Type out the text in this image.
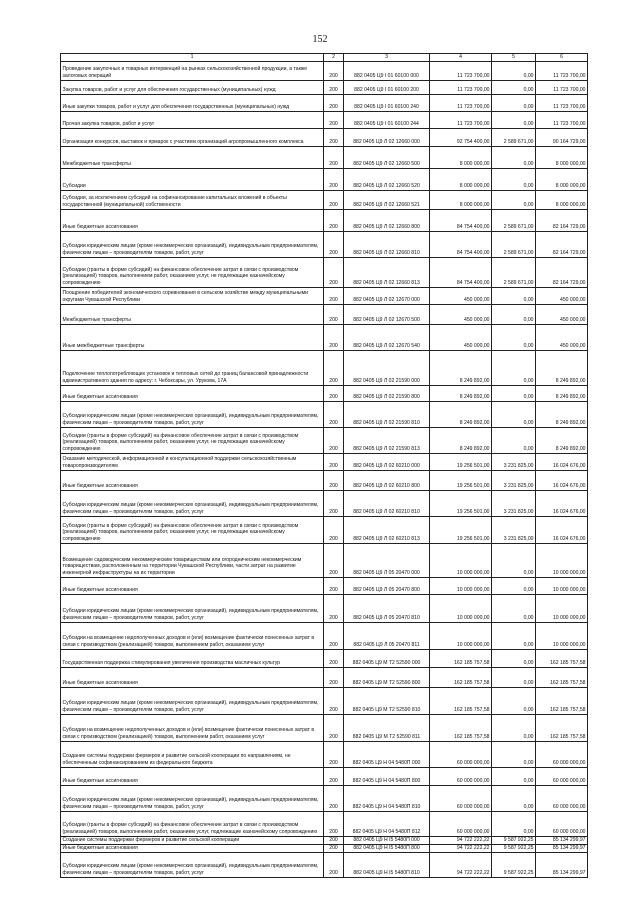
152
1	2	3	4	5	6
Проведение закупочных и товарных интервенций на рынках сельскохозяйственной продукции, а также залоговых операций	200	882 0405 Ц9 I 01 60100 000	11 723 700,00	0,00	11 723 700,00
Закупка товаров, работ и услуг для обеспечения государственных (муниципальных) нужд	200	882 0405 Ц9 I 01 60100 200	11 723 700,00	0,00	11 723 700,00
Иные закупки товаров, работ и услуг для обеспечения государственных (муниципальных) нужд	200	882 0405 Ц9 I 01 60100 240	11 723 700,00	0,00	11 723 700,00
Прочая закупка товаров, работ и услуг	200	882 0405 Ц9 I 01 60100 244	11 723 700,00	0,00	11 723 700,00
Организация конкурсов, выставок и ярмарок с участием организаций агропромышленного комплекса	200	882 0405 Ц9 Л 02 12660 000	92 754 400,00	2 589 671,00	90 164 729,00
Межбюджетные трансферты	200	882 0405 Ц9 Л 02 12660 500	8 000 000,00	0,00	8 000 000,00
Субсидии	200	882 0405 Ц9 Л 02 12660 520	8 000 000,00	0,00	8 000 000,00
Субсидии, за исключением субсидий на софинансирование капитальных вложений в объекты государственной (муниципальной) собственности	200	882 0405 Ц9 Л 02 12660 521	8 000 000,00	0,00	8 000 000,00
Иные бюджетные ассигнования	200	882 0405 Ц9 Л 02 12660 800	84 754 400,00	2 589 671,00	82 164 729,00
Субсидии юридическим лицам (кроме некоммерческих организаций), индивидуальным предпринимателям, физическим лицам – производителям товаров, работ, услуг	200	882 0405 Ц9 Л 02 12660 810	84 754 400,00	2 589 671,00	82 164 729,00
Субсидии (гранты в форме субсидий) на финансовое обеспечение затрат в связи с производством (реализацией) товаров, выполнением работ, оказанием услуг, не подлежащие казначейскому сопровождению	200	882 0405 Ц9 Л 02 12660 813	84 754 400,00	2 589 671,00	82 164 729,00
Поощрение победителей экономического соревнования в сельском хозяйстве между муниципальными округами Чувашской Республики	200	882 0405 Ц9 Л 02 12670 000	450 000,00	0,00	450 000,00
Межбюджетные трансферты	200	882 0405 Ц9 Л 02 12670 500	450 000,00	0,00	450 000,00
Иные межбюджетные трансферты	200	882 0405 Ц9 Л 02 12670 540	450 000,00	0,00	450 000,00
Подключение теплопотребляющих установок и тепловых сетей до границ балансовой принадлежности административного здания по адресу: г. Чебоксары, ул. Урукова, 17А	200	882 0405 Ц9 Л 02 21590 000	8 249 892,00	0,00	8 249 892,00
Иные бюджетные ассигнования	200	882 0405 Ц9 Л 02 21590 800	8 249 892,00	0,00	8 249 892,00
Субсидии юридическим лицам (кроме некоммерческих организаций), индивидуальным предпринимателям, физическим лицам – производителям товаров, работ, услуг	200	882 0405 Ц9 Л 02 21590 810	8 249 892,00	0,00	8 249 892,00
Субсидии (гранты в форме субсидий) на финансовое обеспечение затрат в связи с производством (реализацией) товаров, выполнением работ, оказанием услуг, не подлежащие казначейскому сопровождению	200	882 0405 Ц9 Л 02 21590 813	8 249 892,00	0,00	8 249 892,00
Оказание методической, информационной и консультационной поддержки сельскохозяйственным товаропроизводителям	200	882 0405 Ц9 Л 02 60210 000	19 256 501,00	3 231 825,00	16 024 676,00
Иные бюджетные ассигнования	200	882 0405 Ц9 Л 02 60210 800	19 256 501,00	3 231 825,00	16 024 676,00
Субсидии юридическим лицам (кроме некоммерческих организаций), индивидуальным предпринимателям, физическим лицам – производителям товаров, работ, услуг	200	882 0405 Ц9 Л 02 60210 810	19 256 501,00	3 231 825,00	16 024 676,00
Субсидии (гранты в форме субсидий) на финансовое обеспечение затрат в связи с производством (реализацией) товаров, выполнением работ, оказанием услуг, не подлежащие казначейскому сопровождению	200	882 0405 Ц9 Л 02 60210 813	19 256 501,00	3 231 825,00	16 024 676,00
Возмещение садоводческим некоммерческим товариществам или огородническим некоммерческим товариществам, расположенным на территории Чувашской Республики, части затрат на развитие инженерной инфраструктуры на их территории	200	882 0405 Ц9 Л 05 20470 000	10 000 000,00	0,00	10 000 000,00
Иные бюджетные ассигнования	200	882 0405 Ц9 Л 05 20470 800	10 000 000,00	0,00	10 000 000,00
Субсидии юридическим лицам (кроме некоммерческих организаций), индивидуальным предпринимателям, физическим лицам – производителям товаров, работ, услуг	200	882 0405 Ц9 Л 05 20470 810	10 000 000,00	0,00	10 000 000,00
Субсидии на возмещение недополученных доходов и (или) возмещение фактически понесенных затрат в связи с производством (реализацией) товаров, выполнением работ, оказанием услуг	200	882 0405 Ц9 Л 05 20470 811	10 000 000,00	0,00	10 000 000,00
Государственная поддержка стимулирования увеличения производства масличных культур	200	882 0405 Ц9 М Т2 52590 000	162 185 757,58	0,00	162 185 757,58
Иные бюджетные ассигнования	200	882 0405 Ц9 М Т2 52590 800	162 185 757,58	0,00	162 185 757,58
Субсидии юридическим лицам (кроме некоммерческих организаций), индивидуальным предпринимателям, физическим лицам – производителям товаров, работ, услуг	200	882 0405 Ц9 М Т2 52590 810	162 185 757,58	0,00	162 185 757,58
Субсидии на возмещение недополученных доходов и (или) возмещение фактически понесенных затрат в связи с производством (реализацией) товаров, выполнением работ, оказанием услуг	200	882 0405 Ц9 М Т2 52590 811	162 185 757,58	0,00	162 185 757,58
Создание системы поддержки фермеров и развитие сельской кооперации по направлениям, не обеспеченным софинансированием из федерального бюджета	200	882 0405 Ц9 Н 04 5480П 000	60 000 000,00	0,00	60 000 000,00
Иные бюджетные ассигнования	200	882 0405 Ц9 Н 04 5480П 800	60 000 000,00	0,00	60 000 000,00
Субсидии юридическим лицам (кроме некоммерческих организаций), индивидуальным предпринимателям, физическим лицам – производителям товаров, работ, услуг	200	882 0405 Ц9 Н 04 5480П 810	60 000 000,00	0,00	60 000 000,00
Субсидии (гранты в форме субсидий) на финансовое обеспечение затрат в связи с производством (реализацией) товаров, выполнением работ, оказанием услуг, подлежащие казначейскому сопровождению	200	882 0405 Ц9 Н 04 5480П 812	60 000 000,00	0,00	60 000 000,00
Создание системы поддержки фермеров и развитие сельской кооперации	200	882 0405 Ц9 Н I5 5480П 000	94 722 222,22	9 587 922,25	85 134 299,97
Иные бюджетные ассигнования	200	882 0405 Ц9 Н I5 5480П 800	94 722 222,22	9 587 922,25	85 134 299,97
Субсидии юридическим лицам (кроме некоммерческих организаций), индивидуальным предпринимателям, физическим лицам – производителям товаров, работ, услуг	200	882 0405 Ц9 Н I5 5480П 810	94 722 222,22	9 587 922,25	85 134 299,97
